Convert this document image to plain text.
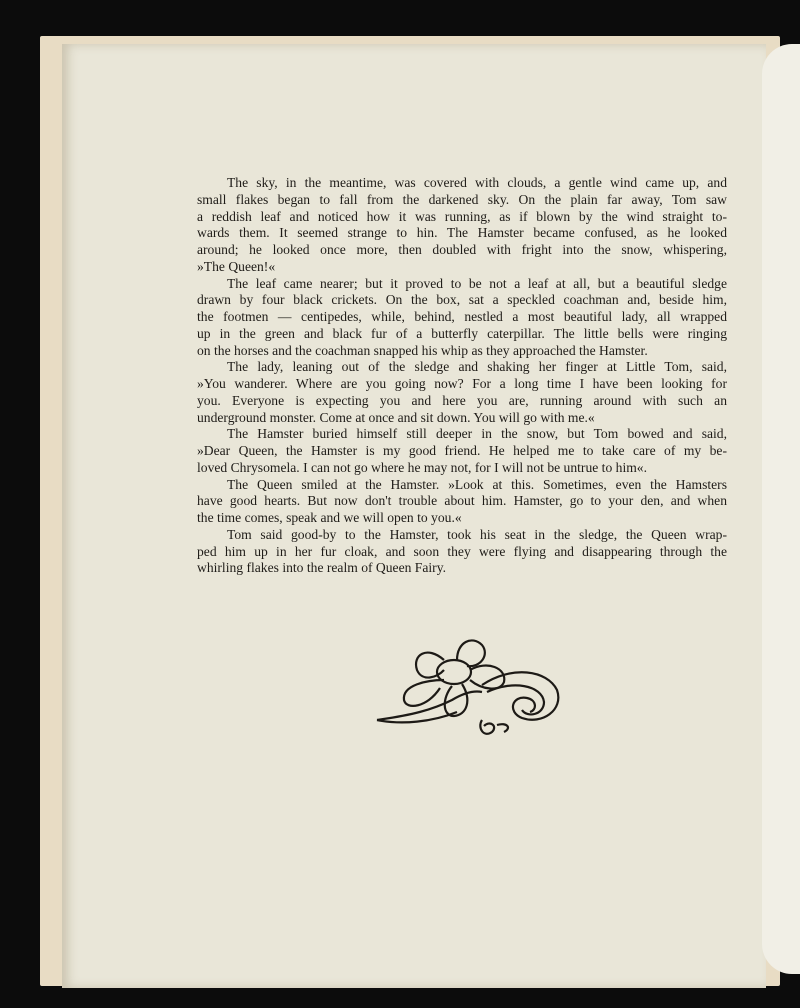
The sky, in the meantime, was covered with clouds, a gentle wind came up, and
small flakes began to fall from the darkened sky. On the plain far away, Tom saw
a reddish leaf and noticed how it was running, as if blown by the wind straight to-
wards them. It seemed strange to hin. The Hamster became confused, as he looked
around; he looked once more, then doubled with fright into the snow, whispering,
»The Queen!«
The leaf came nearer; but it proved to be not a leaf at all, but a beautiful sledge
drawn by four black crickets. On the box, sat a speckled coachman and, beside him,
the footmen — centipedes, while, behind, nestled a most beautiful lady, all wrapped
up in the green and black fur of a butterfly caterpillar. The little bells were ringing
on the horses and the coachman snapped his whip as they approached the Hamster.
The lady, leaning out of the sledge and shaking her finger at Little Tom, said,
»You wanderer. Where are you going now? For a long time I have been looking for
you. Everyone is expecting you and here you are, running around with such an
underground monster. Come at once and sit down. You will go with me.«
The Hamster buried himself still deeper in the snow, but Tom bowed and said,
»Dear Queen, the Hamster is my good friend. He helped me to take care of my be-
loved Chrysomela. I can not go where he may not, for I will not be untrue to him«.
The Queen smiled at the Hamster. »Look at this. Sometimes, even the Hamsters
have good hearts. But now don't trouble about him. Hamster, go to your den, and when
the time comes, speak and we will open to you.«
Tom said good-by to the Hamster, took his seat in the sledge, the Queen wrap-
ped him up in her fur cloak, and soon they were flying and disappearing through the
whirling flakes into the realm of Queen Fairy.
